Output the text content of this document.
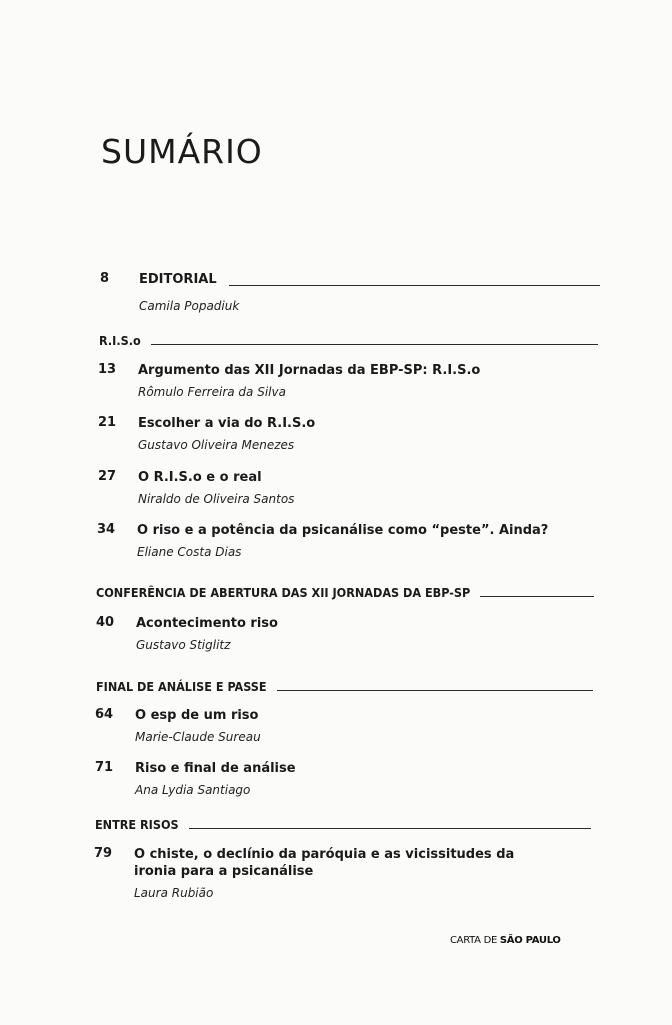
SUMÁRIO
8 EDITORIAL
Camila Popadiuk
R.I.S.o
13 Argumento das XII Jornadas da EBP-SP: R.I.S.o
Rômulo Ferreira da Silva
21 Escolher a via do R.I.S.o
Gustavo Oliveira Menezes
27 O R.I.S.o e o real
Niraldo de Oliveira Santos
34 O riso e a potência da psicanálise como “peste”. Ainda?
Eliane Costa Dias
CONFERÊNCIA DE ABERTURA DAS XII JORNADAS DA EBP-SP
40 Acontecimento riso
Gustavo Stiglitz
FINAL DE ANÁLISE E PASSE
64 O esp de um riso
Marie-Claude Sureau
71 Riso e final de análise
Ana Lydia Santiago
ENTRE RISOS
79 O chiste, o declínio da paróquia e as vicissitudes da ironia para a psicanálise
Laura Rubião
CARTA DE SÃO PAULO
